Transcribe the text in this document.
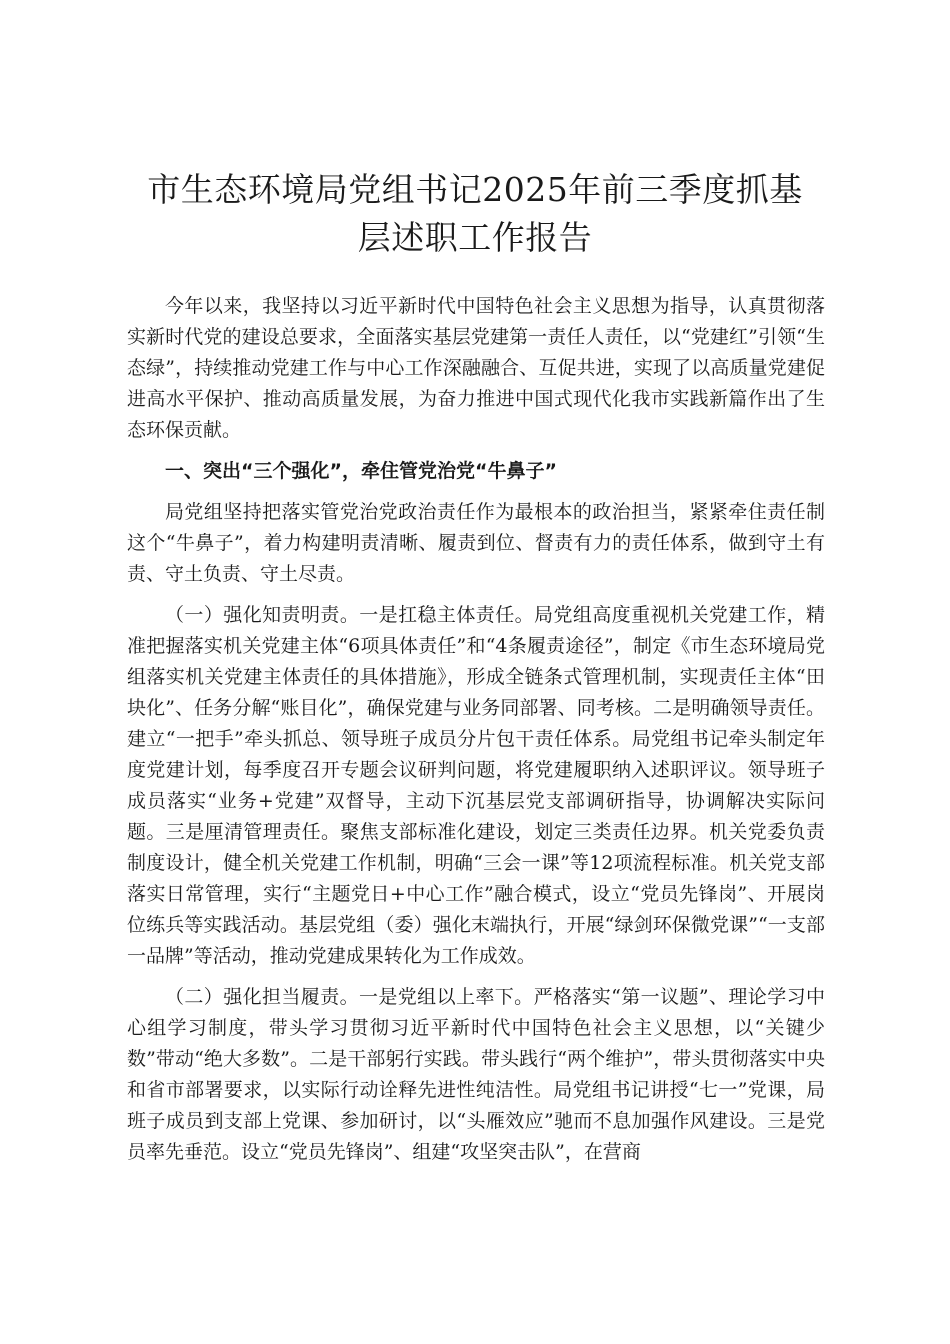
市生态环境局党组书记2025年前三季度抓基
层述职工作报告

今年以来，我坚持以习近平新时代中国特色社会主义思想为指导，认真贯彻落实新时代党的建设总要求，全面落实基层党建第一责任人责任，以“党建红”引领“生态绿”，持续推动党建工作与中心工作深融融合、互促共进，实现了以高质量党建促进高水平保护、推动高质量发展，为奋力推进中国式现代化我市实践新篇作出了生态环保贡献。

一、突出“三个强化”，牵住管党治党“牛鼻子”

局党组坚持把落实管党治党政治责任作为最根本的政治担当，紧紧牵住责任制这个“牛鼻子”，着力构建明责清晰、履责到位、督责有力的责任体系，做到守土有责、守土负责、守土尽责。

（一）强化知责明责。一是扛稳主体责任。局党组高度重视机关党建工作，精准把握落实机关党建主体“6项具体责任”和“4条履责途径”，制定《市生态环境局党组落实机关党建主体责任的具体措施》，形成全链条式管理机制，实现责任主体“田块化”、任务分解“账目化”，确保党建与业务同部署、同考核。二是明确领导责任。建立“一把手”牵头抓总、领导班子成员分片包干责任体系。局党组书记牵头制定年度党建计划，每季度召开专题会议研判问题，将党建履职纳入述职评议。领导班子成员落实“业务+党建”双督导，主动下沉基层党支部调研指导，协调解决实际问题。三是厘清管理责任。聚焦支部标准化建设，划定三类责任边界。机关党委负责制度设计，健全机关党建工作机制，明确“三会一课”等12项流程标准。机关党支部落实日常管理，实行“主题党日+中心工作”融合模式，设立“党员先锋岗”、开展岗位练兵等实践活动。基层党组（委）强化末端执行，开展“绿剑环保微党课”“一支部一品牌”等活动，推动党建成果转化为工作成效。

（二）强化担当履责。一是党组以上率下。严格落实“第一议题”、理论学习中心组学习制度，带头学习贯彻习近平新时代中国特色社会主义思想，以“关键少数”带动“绝大多数”。二是干部躬行实践。带头践行“两个维护”，带头贯彻落实中央和省市部署要求，以实际行动诠释先进性纯洁性。局党组书记讲授“七一”党课，局班子成员到支部上党课、参加研讨，以“头雁效应”驰而不息加强作风建设。三是党员率先垂范。设立“党员先锋岗”、组建“攻坚突击队”，在营商
